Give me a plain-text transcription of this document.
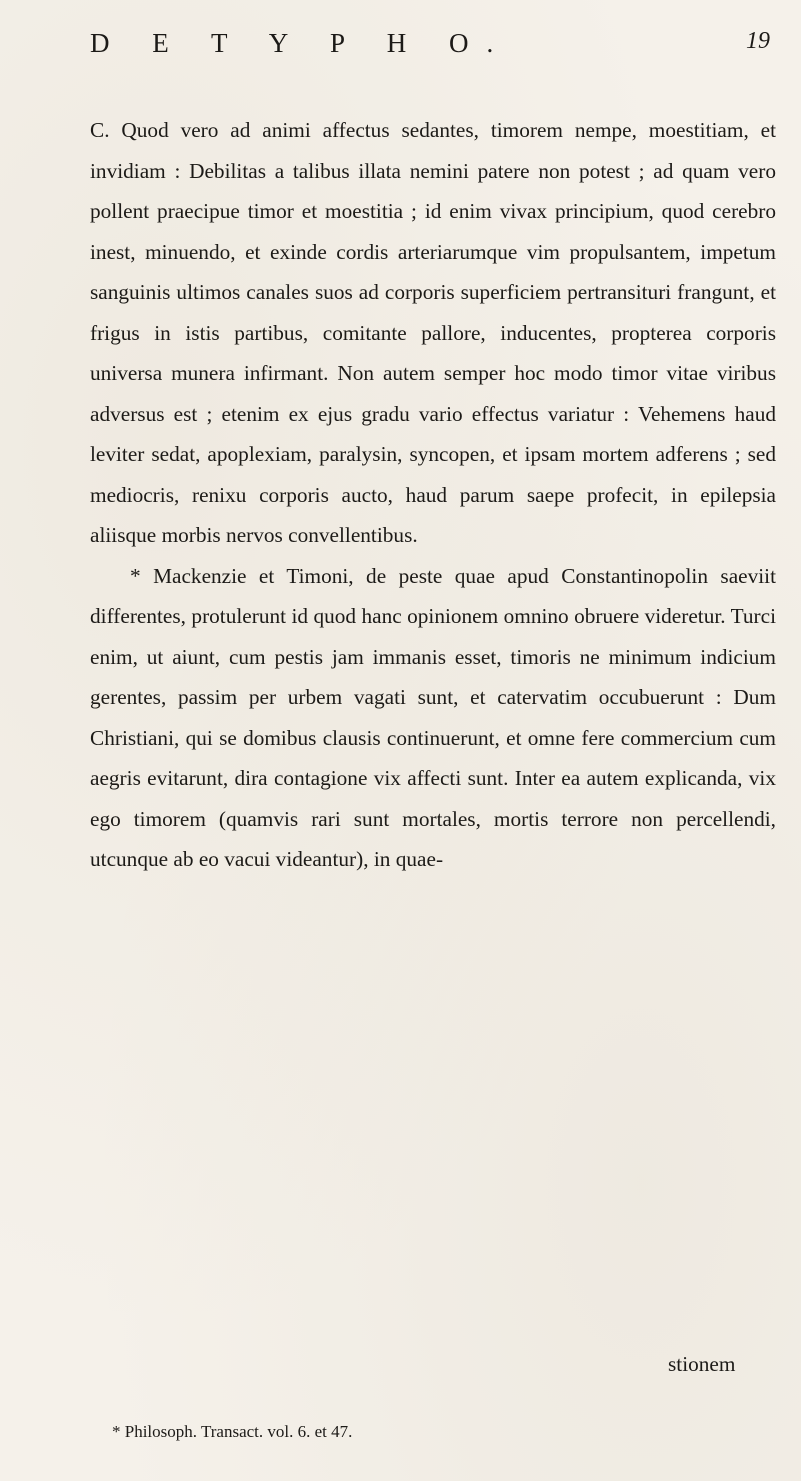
D E T Y P H O.	19

C. Quod vero ad animi affectus sedantes, timorem nempe, moestitiam, et invidiam : Debilitas a talibus illata nemini patere non potest ; ad quam vero pollent praecipue timor et moestitia ; id enim vivax principium, quod cerebro inest, minuendo, et exinde cordis arteriarumque vim propulsantem, impetum sanguinis ultimos canales suos ad corporis superficiem pertransituri frangunt, et frigus in istis partibus, comitante pallore, inducentes, propterea corporis universa munera infirmant. Non autem semper hoc modo timor vitae viribus adversus est ; etenim ex ejus gradu vario effectus variatur : Vehemens haud leviter sedat, apoplexiam, paralysin, syncopen, et ipsam mortem adferens ; sed mediocris, renixu corporis aucto, haud parum saepe profecit, in epilepsia aliisque morbis nervos convellentibus.

* Mackenzie et Timoni, de peste quae apud Constantinopolin saeviit differentes, protulerunt id quod hanc opinionem omnino obruere videretur. Turci enim, ut aiunt, cum pestis jam immanis esset, timoris ne minimum indicium gerentes, passim per urbem vagati sunt, et catervatim occubuerunt : Dum Christiani, qui se domibus clausis continuerunt, et omne fere commercium cum aegris evitarunt, dira contagione vix affecti sunt. Inter ea autem explicanda, vix ego timorem (quamvis rari sunt mortales, mortis terrore non percellendi, utcunque ab eo vacui videantur), in quae-

stionem
* Philosoph. Transact. vol. 6. et 47.
